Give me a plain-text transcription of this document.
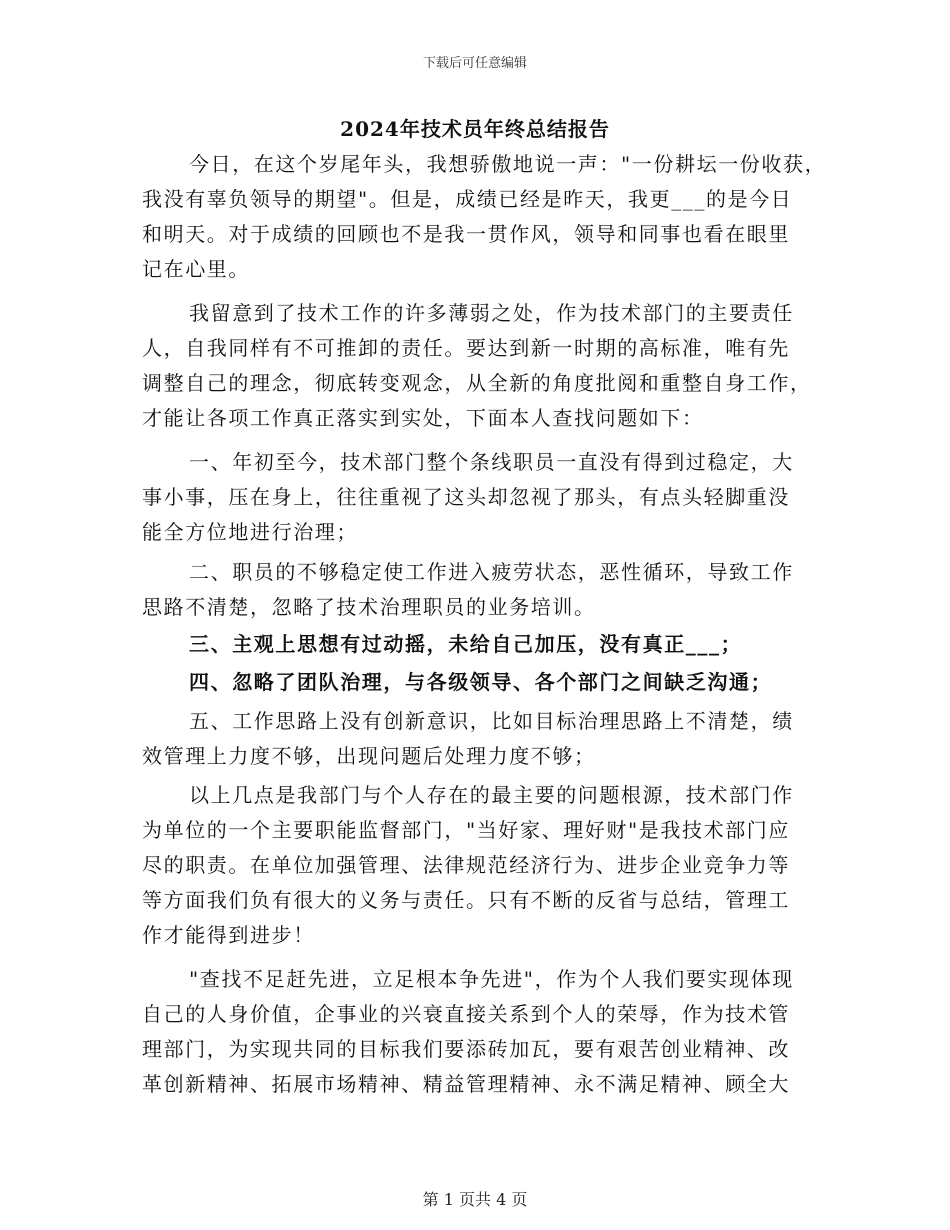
下载后可任意编辑
2024年技术员年终总结报告
今日，在这个岁尾年头，我想骄傲地说一声："一份耕坛一份收获，
我没有辜负领导的期望"。但是，成绩已经是昨天，我更___的是今日
和明天。对于成绩的回顾也不是我一贯作风，领导和同事也看在眼里
记在心里。
我留意到了技术工作的许多薄弱之处，作为技术部门的主要责任
人，自我同样有不可推卸的责任。要达到新一时期的高标准，唯有先
调整自己的理念，彻底转变观念，从全新的角度批阅和重整自身工作，
才能让各项工作真正落实到实处，下面本人查找问题如下：
一、年初至今，技术部门整个条线职员一直没有得到过稳定，大
事小事，压在身上，往往重视了这头却忽视了那头，有点头轻脚重没
能全方位地进行治理；
二、职员的不够稳定使工作进入疲劳状态，恶性循环，导致工作
思路不清楚，忽略了技术治理职员的业务培训。
三、主观上思想有过动摇，未给自己加压，没有真正___；
四、忽略了团队治理，与各级领导、各个部门之间缺乏沟通；
五、工作思路上没有创新意识，比如目标治理思路上不清楚，绩
效管理上力度不够，出现问题后处理力度不够；
以上几点是我部门与个人存在的最主要的问题根源，技术部门作
为单位的一个主要职能监督部门，"当好家、理好财"是我技术部门应
尽的职责。在单位加强管理、法律规范经济行为、进步企业竞争力等
等方面我们负有很大的义务与责任。只有不断的反省与总结，管理工
作才能得到进步！
"查找不足赶先进，立足根本争先进"，作为个人我们要实现体现
自己的人身价值，企事业的兴衰直接关系到个人的荣辱，作为技术管
理部门，为实现共同的目标我们要添砖加瓦，要有艰苦创业精神、改
革创新精神、拓展市场精神、精益管理精神、永不满足精神、顾全大
第 1 页共 4 页
